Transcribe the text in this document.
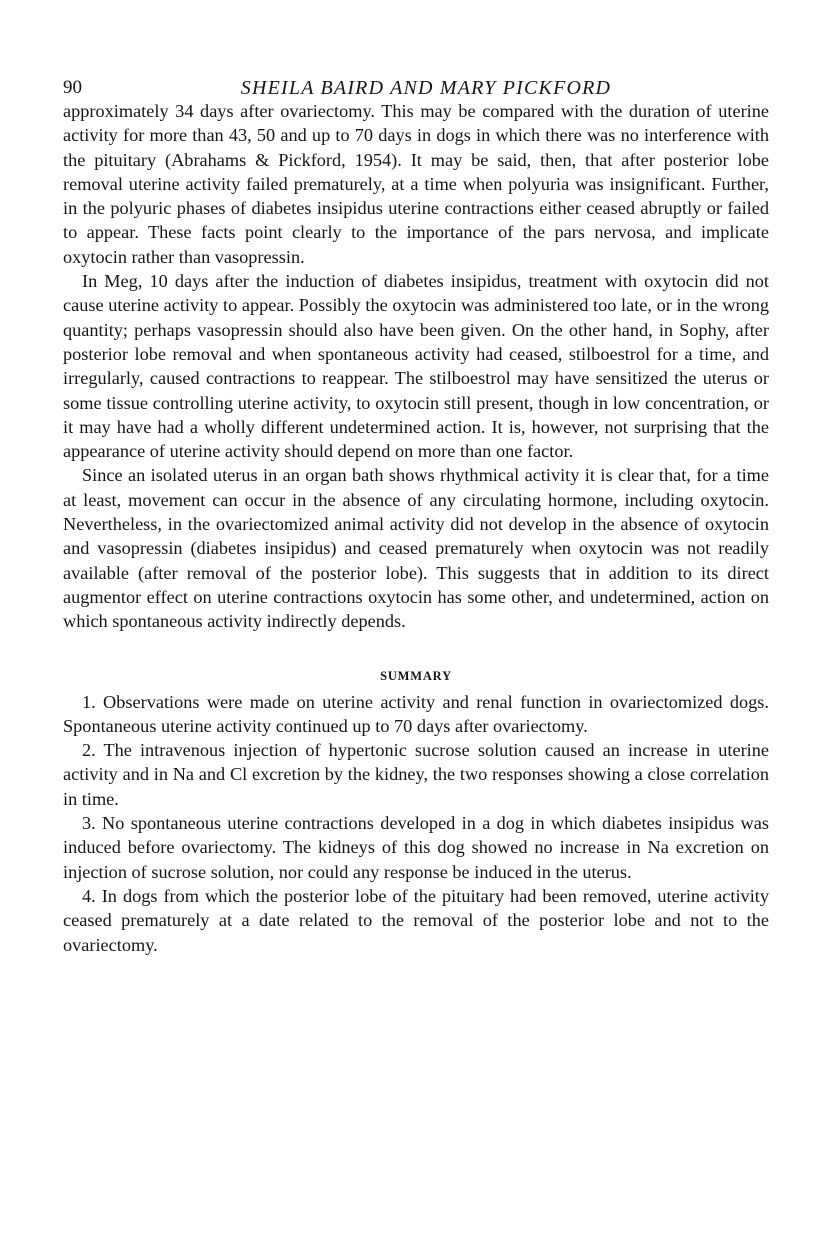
90	SHEILA BAIRD AND MARY PICKFORD

approximately 34 days after ovariectomy. This may be compared with the duration of uterine activity for more than 43, 50 and up to 70 days in dogs in which there was no interference with the pituitary (Abrahams & Pickford, 1954). It may be said, then, that after posterior lobe removal uterine activity failed prematurely, at a time when polyuria was insignificant. Further, in the polyuric phases of diabetes insipidus uterine contractions either ceased abruptly or failed to appear. These facts point clearly to the importance of the pars nervosa, and implicate oxytocin rather than vasopressin.

In Meg, 10 days after the induction of diabetes insipidus, treatment with oxytocin did not cause uterine activity to appear. Possibly the oxytocin was administered too late, or in the wrong quantity; perhaps vasopressin should also have been given. On the other hand, in Sophy, after posterior lobe removal and when spontaneous activity had ceased, stilboestrol for a time, and irregularly, caused contractions to reappear. The stilboestrol may have sensitized the uterus or some tissue controlling uterine activity, to oxytocin still present, though in low concentration, or it may have had a wholly different undetermined action. It is, however, not surprising that the appearance of uterine activity should depend on more than one factor.

Since an isolated uterus in an organ bath shows rhythmical activity it is clear that, for a time at least, movement can occur in the absence of any circulating hormone, including oxytocin. Nevertheless, in the ovariectomized animal activity did not develop in the absence of oxytocin and vasopressin (diabetes insipidus) and ceased prematurely when oxytocin was not readily available (after removal of the posterior lobe). This suggests that in addition to its direct augmentor effect on uterine contractions oxytocin has some other, and undetermined, action on which spontaneous activity indirectly depends.

SUMMARY

1. Observations were made on uterine activity and renal function in ovariectomized dogs. Spontaneous uterine activity continued up to 70 days after ovariectomy.

2. The intravenous injection of hypertonic sucrose solution caused an increase in uterine activity and in Na and Cl excretion by the kidney, the two responses showing a close correlation in time.

3. No spontaneous uterine contractions developed in a dog in which diabetes insipidus was induced before ovariectomy. The kidneys of this dog showed no increase in Na excretion on injection of sucrose solution, nor could any response be induced in the uterus.

4. In dogs from which the posterior lobe of the pituitary had been removed, uterine activity ceased prematurely at a date related to the removal of the posterior lobe and not to the ovariectomy.
